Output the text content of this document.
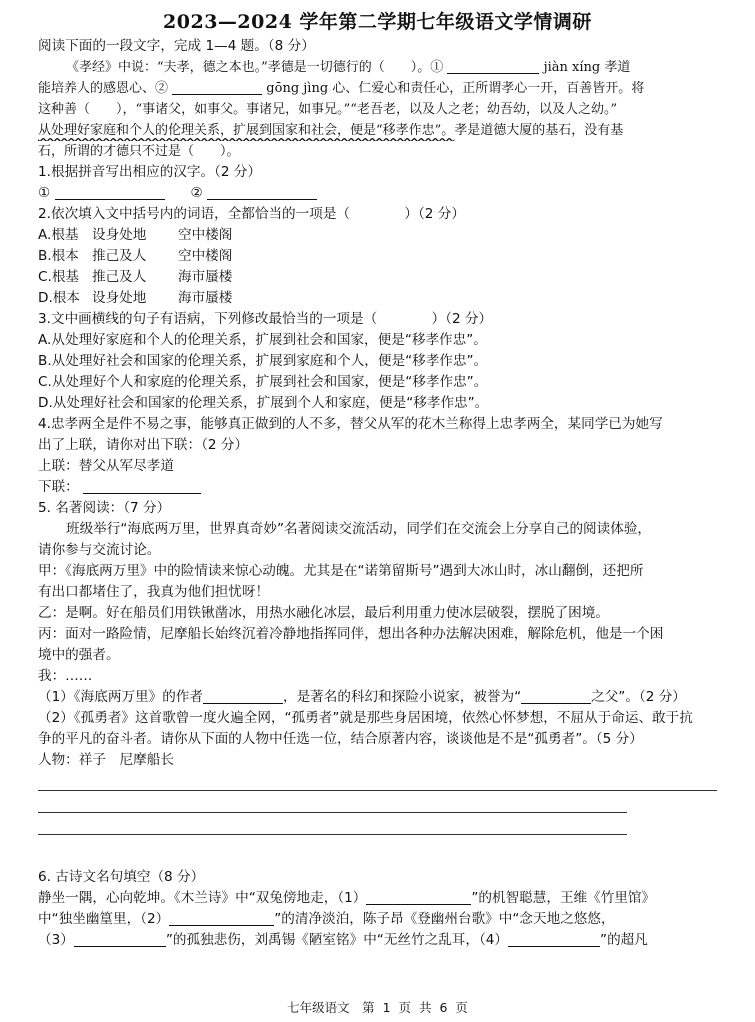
2023—2024 学年第二学期七年级语文学情调研
阅读下面的一段文字，完成 1—4 题。（8 分）
《孝经》中说：“夫孝，德之本也。”孝德是一切德行的（　　）。①	jiàn xíng 孝道
能培养人的感恩心、②	gōng jìng 心、仁爱心和责任心，正所谓孝心一开，百善皆开。将
这种善（　　），“事诸父，如事父。事诸兄，如事兄。”“老吾老，以及人之老；幼吾幼，以及人之幼。”
从处理好家庭和个人的伦理关系，扩展到国家和社会，便是“移孝作忠”。孝是道德大厦的基石，没有基
石，所谓的才德只不过是（　　）。
1.根据拼音写出相应的汉字。（2 分）
①	②
2.依次填入文中括号内的词语，全都恰当的一项是（　　　　）（2 分）
A.根基 设身处地 空中楼阁
B.根本 推己及人 空中楼阁
C.根基 推己及人 海市蜃楼
D.根本 设身处地 海市蜃楼
3.文中画横线的句子有语病，下列修改最恰当的一项是（　　　　）（2 分）
A.从处理好家庭和个人的伦理关系，扩展到社会和国家，便是“移孝作忠”。
B.从处理好社会和国家的伦理关系，扩展到家庭和个人，便是“移孝作忠”。
C.从处理好个人和家庭的伦理关系，扩展到社会和国家，便是“移孝作忠”。
D.从处理好社会和国家的伦理关系，扩展到个人和家庭，便是“移孝作忠”。
4.忠孝两全是件不易之事，能够真正做到的人不多，替父从军的花木兰称得上忠孝两全，某同学已为她写
出了上联，请你对出下联：（2 分）
上联：替父从军尽孝道
下联：
5. 名著阅读：（7 分）
班级举行“海底两万里，世界真奇妙”名著阅读交流活动，同学们在交流会上分享自己的阅读体验，
请你参与交流讨论。
甲：《海底两万里》中的险情读来惊心动魄。尤其是在“诺第留斯号”遇到大冰山时，冰山翻倒，还把所
有出口都堵住了，我真为他们担忧呀！
乙：是啊。好在船员们用铁锹凿冰，用热水融化冰层，最后利用重力使冰层破裂，摆脱了困境。
丙：面对一路险情，尼摩船长始终沉着冷静地指挥同伴，想出各种办法解决困难，解除危机，他是一个困
境中的强者。
我：……
（1）《海底两万里》的作者	，是著名的科幻和探险小说家，被誉为“	之父”。（2 分）
（2）《孤勇者》这首歌曾一度火遍全网，“孤勇者”就是那些身居困境，依然心怀梦想，不屈从于命运、敢于抗
争的平凡的奋斗者。请你从下面的人物中任选一位，结合原著内容，谈谈他是不是“孤勇者”。（5 分）
人物：祥子　尼摩船长
6. 古诗文名句填空（8 分）
静坐一隅，心向乾坤。《木兰诗》中“双兔傍地走，（1）	”的机智聪慧，王维《竹里馆》
中“独坐幽篁里，（2）	”的清净淡泊，陈子昂《登幽州台歌》中“念天地之悠悠，
（3）	”的孤独悲伤，刘禹锡《陋室铭》中“无丝竹之乱耳，（4）	”的超凡
七年级语文　第 1 页 共 6 页
